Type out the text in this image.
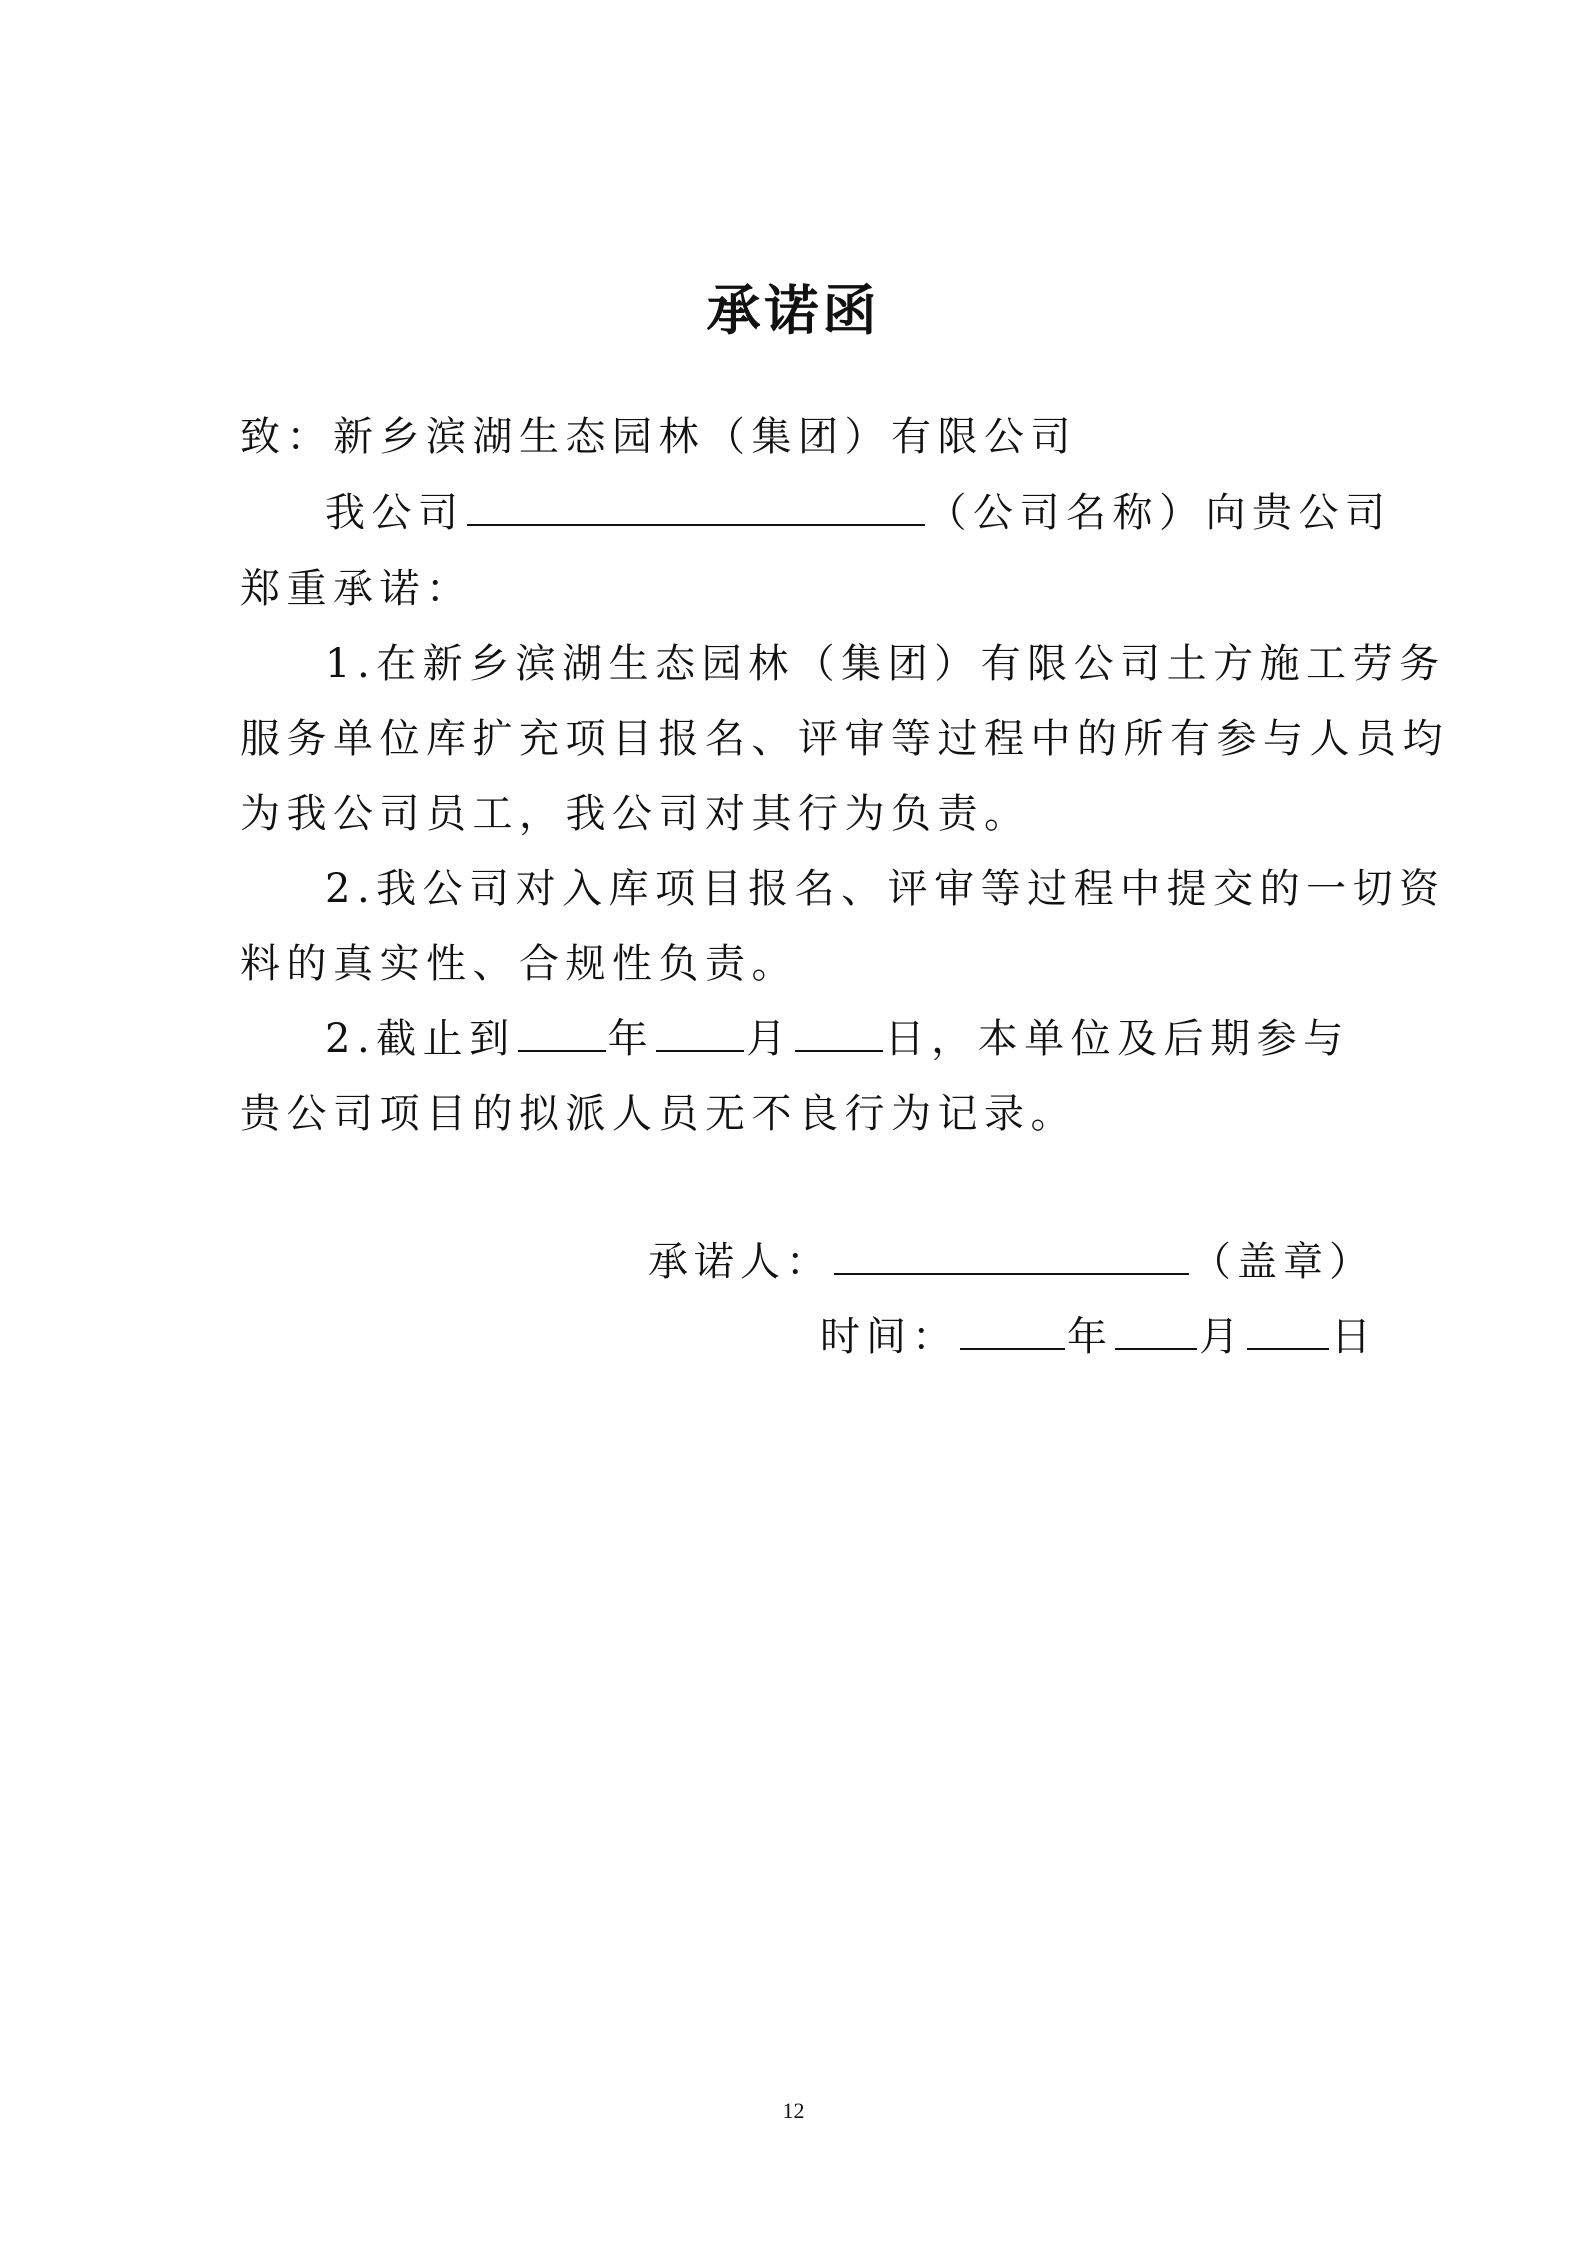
承诺函
致：新乡滨湖生态园林（集团）有限公司
我公司	（公司名称）向贵公司
郑重承诺：
1.在新乡滨湖生态园林（集团）有限公司土方施工劳务
服务单位库扩充项目报名、评审等过程中的所有参与人员均
为我公司员工，我公司对其行为负责。
2.我公司对入库项目报名、评审等过程中提交的一切资
料的真实性、合规性负责。
2.截止到 年 月 日，本单位及后期参与
贵公司项目的拟派人员无不良行为记录。
承诺人：	（盖章）
时间：	年 月 日
12
